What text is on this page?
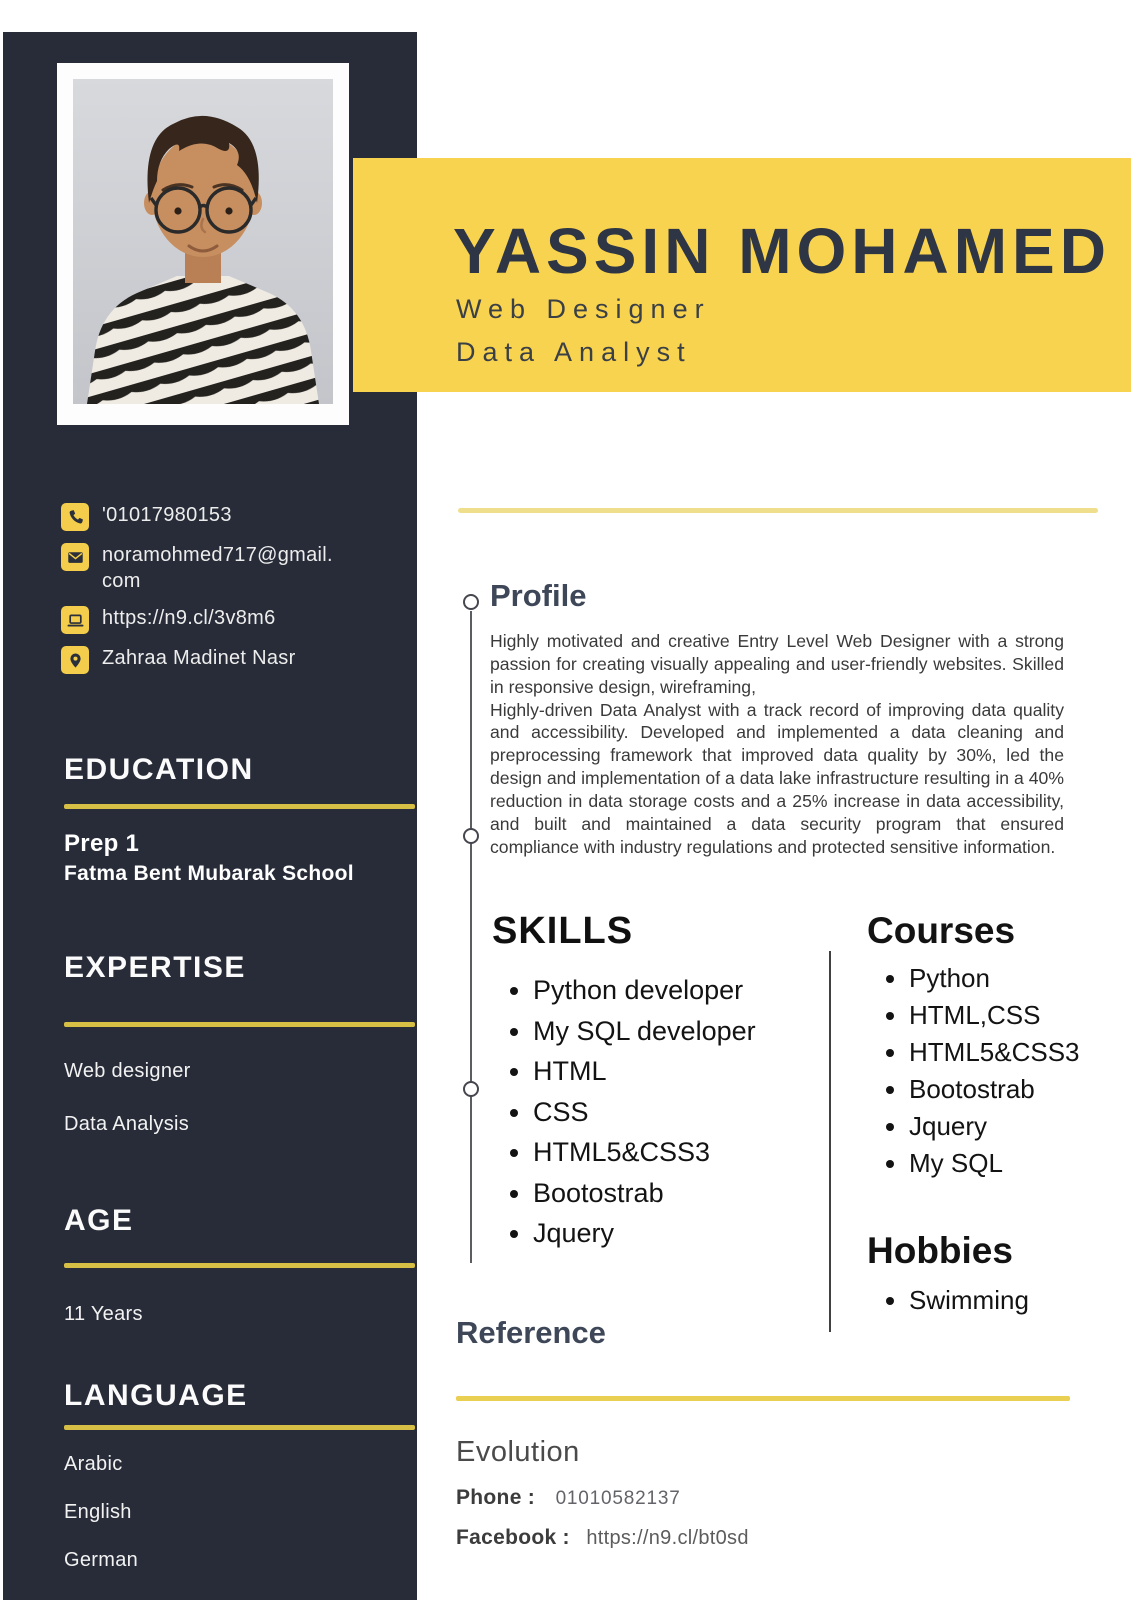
'01017980153
noramohmed717@gmail.
com
https://n9.cl/3v8m6
Zahraa Madinet Nasr
EDUCATION
Prep 1
Fatma Bent Mubarak School
EXPERTISE
Web designer
Data Analysis
AGE
11 Years
LANGUAGE
Arabic
English
German
YASSIN MOHAMED
Web Designer
Data Analyst
Profile

Highly motivated and creative Entry Level Web Designer with a strong passion for creating visually appealing and user-friendly websites. Skilled in responsive design, wireframing,

Highly-driven Data Analyst with a track record of improving data quality and accessibility. Developed and implemented a data cleaning and preprocessing framework that improved data quality by 30%, led the design and implementation of a data lake infrastructure resulting in a 40% reduction in data storage costs and a 25% increase in data accessibility, and built and maintained a data security program that ensured compliance with industry regulations and protected sensitive information.

SKILLS
• Python developer
• My SQL developer
• HTML
• CSS
• HTML5&CSS3
• Bootostrab
• Jquery
Courses
• Python
• HTML,CSS
• HTML5&CSS3
• Bootostrab
• Jquery
• My SQL
Hobbies
• Swimming
Reference
Evolution
Phone : 01010582137
Facebook : https://n9.cl/bt0sd
